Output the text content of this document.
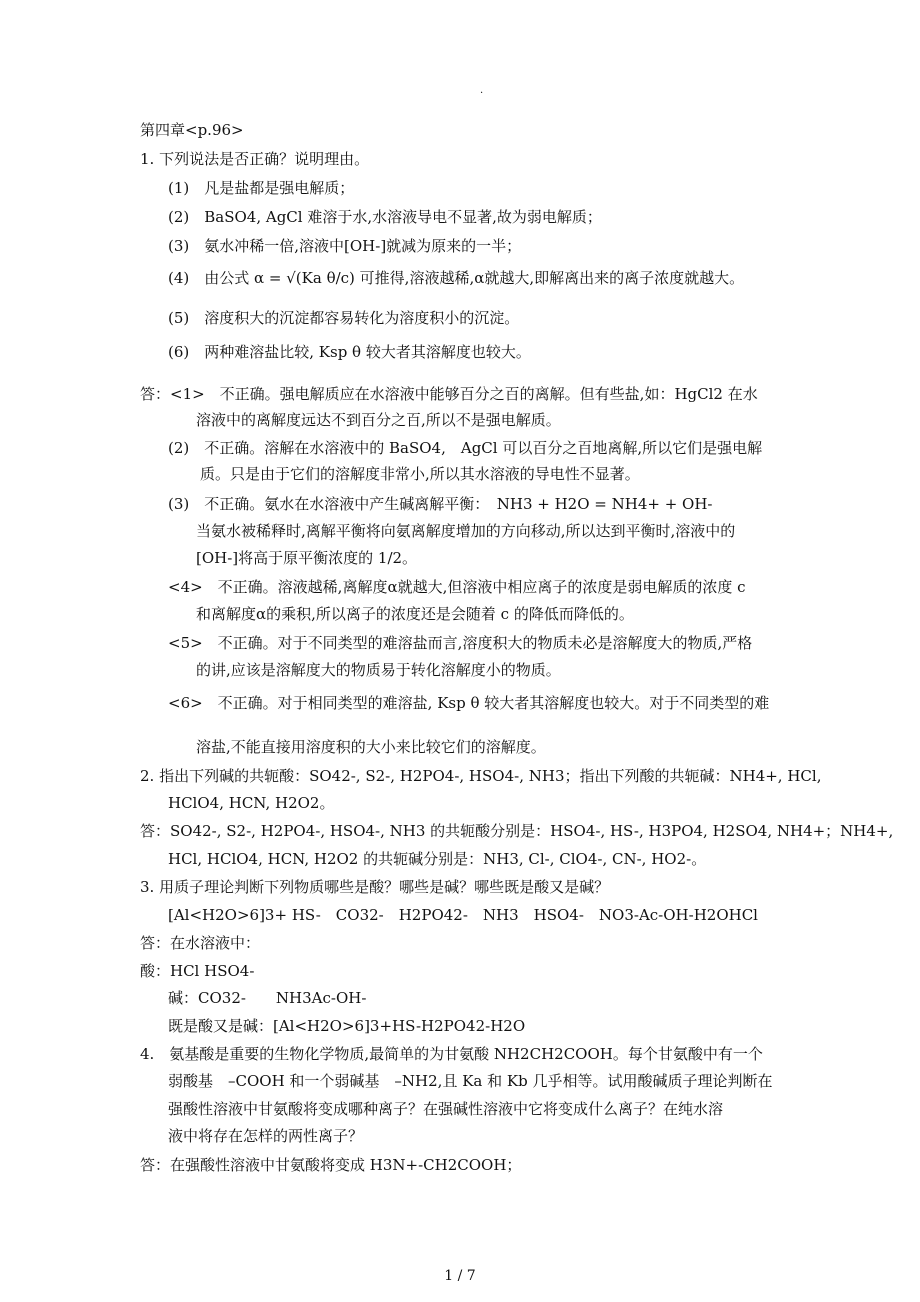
.
第四章<p.96>
1. 下列说法是否正确？说明理由。
(1)　凡是盐都是强电解质；
(2)　BaSO4, AgCl 难溶于水,水溶液导电不显著,故为弱电解质；
(3)　氨水冲稀一倍,溶液中[OH-]就减为原来的一半；
(4)　由公式 α = √(Ka θ/c) 可推得,溶液越稀,α就越大,即解离出来的离子浓度就越大。
(5)　溶度积大的沉淀都容易转化为溶度积小的沉淀。
(6)　两种难溶盐比较, Ksp θ 较大者其溶解度也较大。
答：<1>　不正确。强电解质应在水溶液中能够百分之百的离解。但有些盐,如：HgCl2 在水
溶液中的离解度远达不到百分之百,所以不是强电解质。
(2)　不正确。溶解在水溶液中的 BaSO4,　AgCl 可以百分之百地离解,所以它们是强电解
质。只是由于它们的溶解度非常小,所以其水溶液的导电性不显著。
(3)　不正确。氨水在水溶液中产生碱离解平衡：　NH3 + H2O = NH4+ + OH-
当氨水被稀释时,离解平衡将向氨离解度增加的方向移动,所以达到平衡时,溶液中的
[OH-]将高于原平衡浓度的 1/2。
<4>　不正确。溶液越稀,离解度α就越大,但溶液中相应离子的浓度是弱电解质的浓度 c
和离解度α的乘积,所以离子的浓度还是会随着 c 的降低而降低的。
<5>　不正确。对于不同类型的难溶盐而言,溶度积大的物质未必是溶解度大的物质,严格
的讲,应该是溶解度大的物质易于转化溶解度小的物质。
<6>　不正确。对于相同类型的难溶盐, Ksp θ 较大者其溶解度也较大。对于不同类型的难
溶盐,不能直接用溶度积的大小来比较它们的溶解度。
2. 指出下列碱的共轭酸：SO42-, S2-, H2PO4-, HSO4-, NH3；指出下列酸的共轭碱：NH4+, HCl,
HClO4, HCN, H2O2。
答：SO42-, S2-, H2PO4-, HSO4-, NH3 的共轭酸分别是：HSO4-, HS-, H3PO4, H2SO4, NH4+；NH4+,
HCl, HClO4, HCN, H2O2 的共轭碱分别是：NH3, Cl-, ClO4-, CN-, HO2-。
3. 用质子理论判断下列物质哪些是酸？哪些是碱？哪些既是酸又是碱？
[Al<H2O>6]3+ HS-　CO32-　H2PO42-　NH3　HSO4-　NO3-Ac-OH-H2OHCl
答：在水溶液中：
酸：HCl HSO4-
碱：CO32-　　NH3Ac-OH-
既是酸又是碱：[Al<H2O>6]3+HS-H2PO42-H2O
4.　氨基酸是重要的生物化学物质,最简单的为甘氨酸 NH2CH2COOH。每个甘氨酸中有一个
弱酸基　–COOH 和一个弱碱基　–NH2,且 Ka 和 Kb 几乎相等。试用酸碱质子理论判断在
强酸性溶液中甘氨酸将变成哪种离子？在强碱性溶液中它将变成什么离子？在纯水溶
液中将存在怎样的两性离子？
答：在强酸性溶液中甘氨酸将变成 H3N+-CH2COOH；
1 / 7
